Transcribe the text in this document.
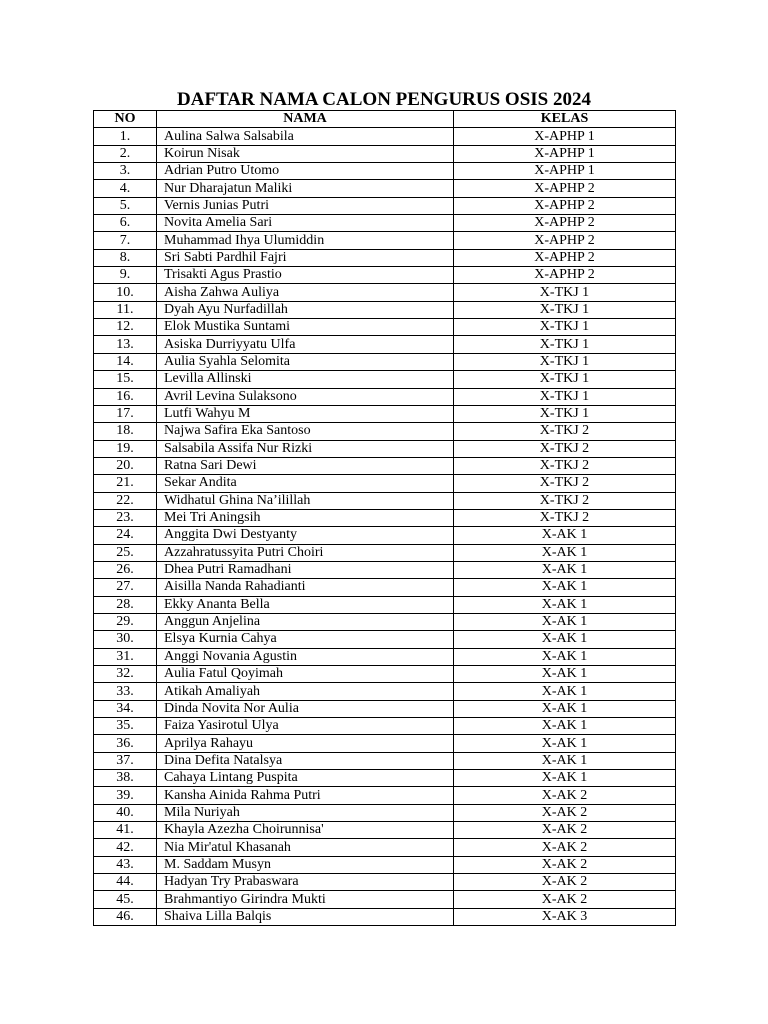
DAFTAR NAMA CALON PENGURUS OSIS 2024
NO	NAMA	KELAS
1.	Aulina Salwa Salsabila	X-APHP 1
2.	Koirun Nisak	X-APHP 1
3.	Adrian Putro Utomo	X-APHP 1
4.	Nur Dharajatun Maliki	X-APHP 2
5.	Vernis Junias Putri	X-APHP 2
6.	Novita Amelia Sari	X-APHP 2
7.	Muhammad Ihya Ulumiddin	X-APHP 2
8.	Sri Sabti Pardhil Fajri	X-APHP 2
9.	Trisakti Agus Prastio	X-APHP 2
10.	Aisha Zahwa Auliya	X-TKJ 1
11.	Dyah Ayu Nurfadillah	X-TKJ 1
12.	Elok Mustika Suntami	X-TKJ 1
13.	Asiska Durriyyatu Ulfa	X-TKJ 1
14.	Aulia Syahla Selomita	X-TKJ 1
15.	Levilla Allinski	X-TKJ 1
16.	Avril Levina Sulaksono	X-TKJ 1
17.	Lutfi Wahyu M	X-TKJ 1
18.	Najwa Safira Eka Santoso	X-TKJ 2
19.	Salsabila Assifa Nur Rizki	X-TKJ 2
20.	Ratna Sari Dewi	X-TKJ 2
21.	Sekar Andita	X-TKJ 2
22.	Widhatul Ghina Na’ilillah	X-TKJ 2
23.	Mei Tri Aningsih	X-TKJ 2
24.	Anggita Dwi Destyanty	X-AK 1
25.	Azzahratussyita Putri Choiri	X-AK 1
26.	Dhea Putri Ramadhani	X-AK 1
27.	Aisilla Nanda Rahadianti	X-AK 1
28.	Ekky Ananta Bella	X-AK 1
29.	Anggun Anjelina	X-AK 1
30.	Elsya Kurnia Cahya	X-AK 1
31.	Anggi Novania Agustin	X-AK 1
32.	Aulia Fatul Qoyimah	X-AK 1
33.	Atikah Amaliyah	X-AK 1
34.	Dinda Novita Nor Aulia	X-AK 1
35.	Faiza Yasirotul Ulya	X-AK 1
36.	Aprilya Rahayu	X-AK 1
37.	Dina Defita Natalsya	X-AK 1
38.	Cahaya Lintang Puspita	X-AK 1
39.	Kansha Ainida Rahma Putri	X-AK 2
40.	Mila Nuriyah	X-AK 2
41.	Khayla Azezha Choirunnisa'	X-AK 2
42.	Nia Mir'atul Khasanah	X-AK 2
43.	M. Saddam Musyn	X-AK 2
44.	Hadyan Try Prabaswara	X-AK 2
45.	Brahmantiyo Girindra Mukti	X-AK 2
46.	Shaiva Lilla Balqis	X-AK 3
